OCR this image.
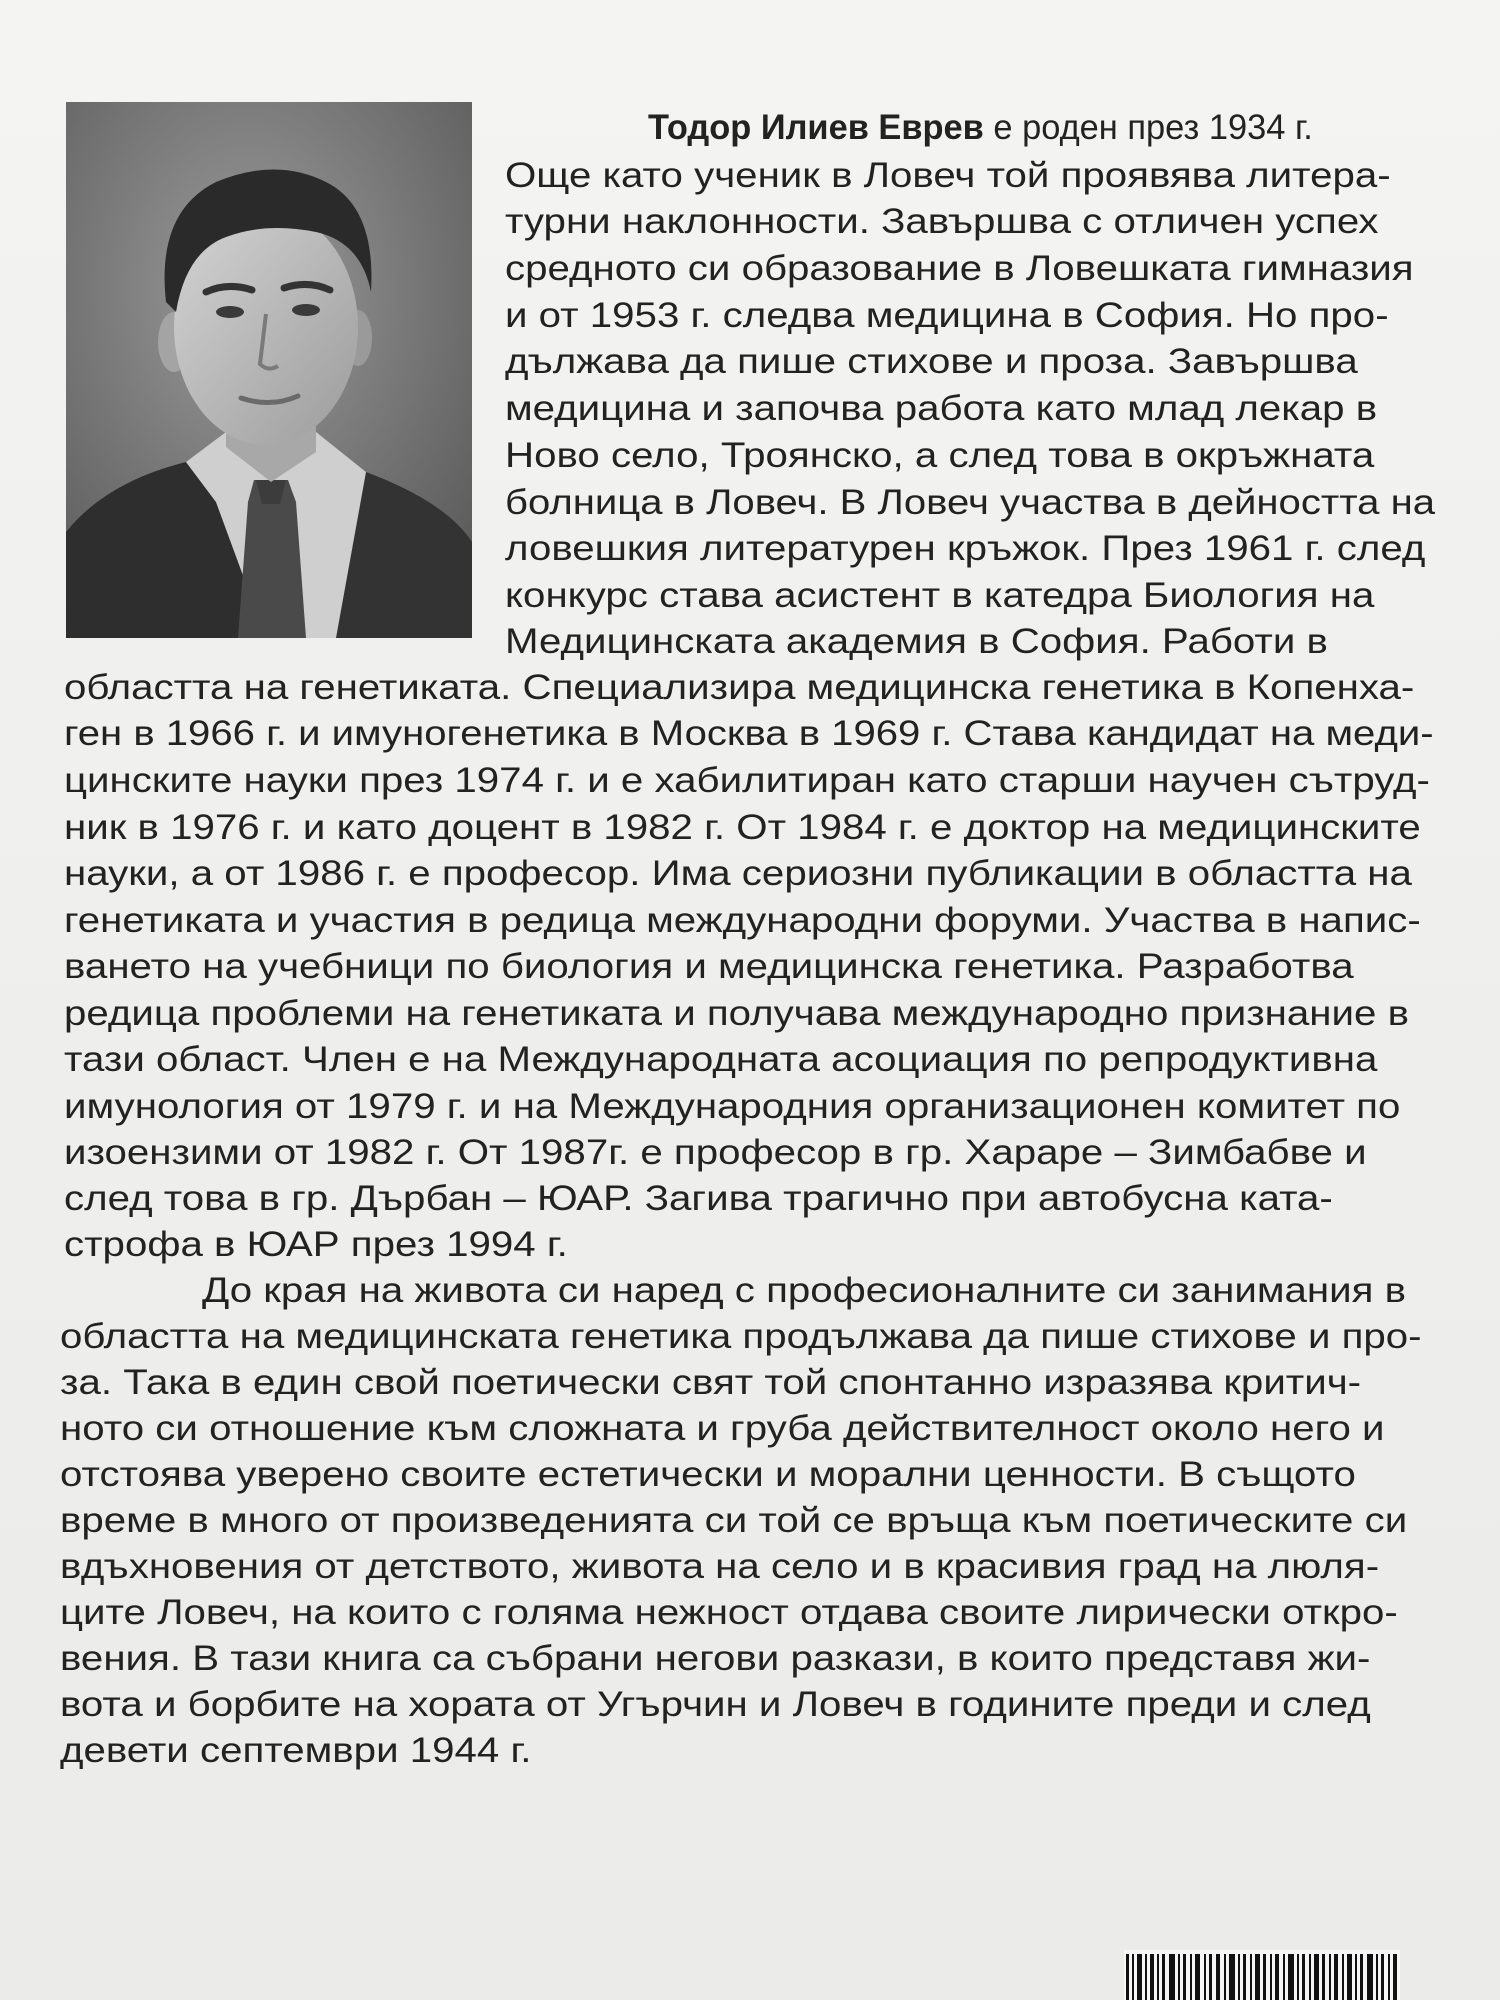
Тодор Илиев Еврев е роден през 1934 г.
Още като ученик в Ловеч той проявява литера-
турни наклонности. Завършва с отличен успех
средното си образование в Ловешката гимназия
и от 1953 г. следва медицина в София. Но про-
дължава да пише стихове и проза. Завършва
медицина и започва работа като млад лекар в
Ново село, Троянско, а след това в окръжната
болница в Ловеч. В Ловеч участва в дейността на
ловешкия литературен кръжок. През 1961 г. след
конкурс става асистент в катедра Биология на
Медицинската академия в София. Работи в
областта на генетиката. Специализира медицинска генетика в Копенха-
ген в 1966 г. и имуногенетика в Москва в 1969 г. Става кандидат на меди-
цинските науки през 1974 г. и е хабилитиран като старши научен сътруд-
ник в 1976 г. и като доцент в 1982 г. От 1984 г. е доктор на медицинските
науки, а от 1986 г. е професор. Има сериозни публикации в областта на
генетиката и участия в редица международни форуми. Участва в напис-
ването на учебници по биология и медицинска генетика. Разработва
редица проблеми на генетиката и получава международно признание в
тази област. Член е на Международната асоциация по репродуктивна
имунология от 1979 г. и на Международния организационен комитет по
изоензими от 1982 г. От 1987г. е професор в гр. Хараре – Зимбабве и
след това в гр. Дърбан – ЮАР. Загива трагично при автобусна ката-
строфа в ЮАР през 1994 г.
До края на живота си наред с професионалните си занимания в
областта на медицинската генетика продължава да пише стихове и про-
за. Така в един свой поетически свят той спонтанно изразява критич-
ното си отношение към сложната и груба действителност около него и
отстоява уверено своите естетически и морални ценности. В същото
време в много от произведенията си той се връща към поетическите си
вдъхновения от детството, живота на село и в красивия град на люля-
ците Ловеч, на които с голяма нежност отдава своите лирически откро-
вения. В тази книга са събрани негови разкази, в които представя жи-
вота и борбите на хората от Угърчин и Ловеч в годините преди и след
девети септември 1944 г.
